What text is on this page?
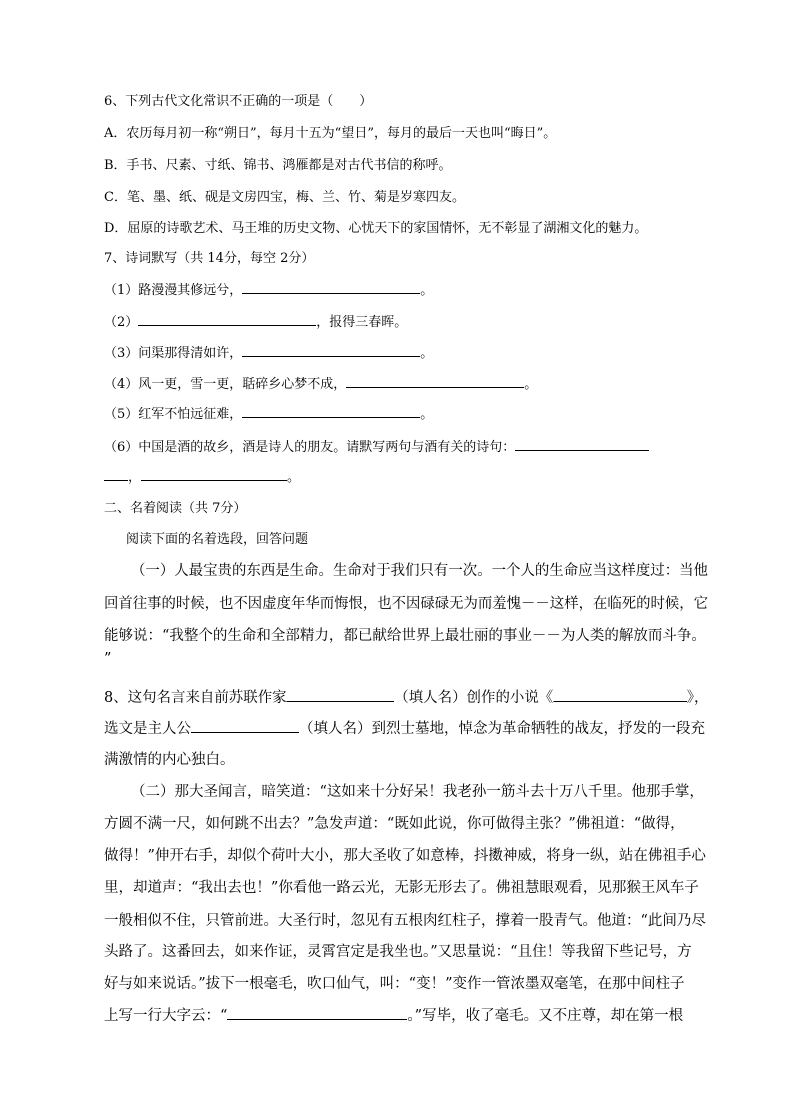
6、下列古代文化常识不正确的一项是（　　）
A．农历每月初一称“朔日”，每月十五为“望日”，每月的最后一天也叫“晦日”。
B．手书、尺素、寸纸、锦书、鸿雁都是对古代书信的称呼。
C．笔、墨、纸、砚是文房四宝，梅、兰、竹、菊是岁寒四友。
D．屈原的诗歌艺术、马王堆的历史文物、心忧天下的家国情怀，无不彰显了湖湘文化的魅力。
7、诗词默写（共 14分，每空 2分）
（1）路漫漫其修远兮，	。
（2）	，报得三春晖。
（3）问渠那得清如许，	。
（4）风一更，雪一更，聒碎乡心梦不成，	。
（5）红军不怕远征难，	。
（6）中国是酒的故乡，酒是诗人的朋友。请默写两句与酒有关的诗句：
，	。
二、名着阅读（共 7分）
阅读下面的名着选段，回答问题
（一）人最宝贵的东西是生命。生命对于我们只有一次。一个人的生命应当这样度过：当他
回首往事的时候，也不因虚度年华而悔恨，也不因碌碌无为而羞愧－－这样，在临死的时候，它
能够说：“我整个的生命和全部精力，都已献给世界上最壮丽的事业－－为人类的解放而斗争。
”
8、这句名言来自前苏联作家	（填人名）创作的小说《	》，
选文是主人公	（填人名）到烈士墓地，悼念为革命牺牲的战友，抒发的一段充
满激情的内心独白。
（二）那大圣闻言，暗笑道：“这如来十分好呆！我老孙一筋斗去十万八千里。他那手掌，
方圆不满一尺，如何跳不出去？”急发声道：“既如此说，你可做得主张？”佛祖道：“做得，
做得！”伸开右手，却似个荷叶大小，那大圣收了如意棒，抖擞神威，将身一纵，站在佛祖手心
里，却道声：“我出去也！”你看他一路云光，无影无形去了。佛祖慧眼观看，见那猴王风车子
一般相似不住，只管前进。大圣行时，忽见有五根肉红柱子，撑着一股青气。他道：“此间乃尽
头路了。这番回去，如来作证，灵霄宫定是我坐也。”又思量说：“且住！等我留下些记号，方
好与如来说话。”拔下一根毫毛，吹口仙气，叫：“变！”变作一管浓墨双毫笔，在那中间柱子
上写一行大字云：“	。”写毕，收了毫毛。又不庄尊，却在第一根
